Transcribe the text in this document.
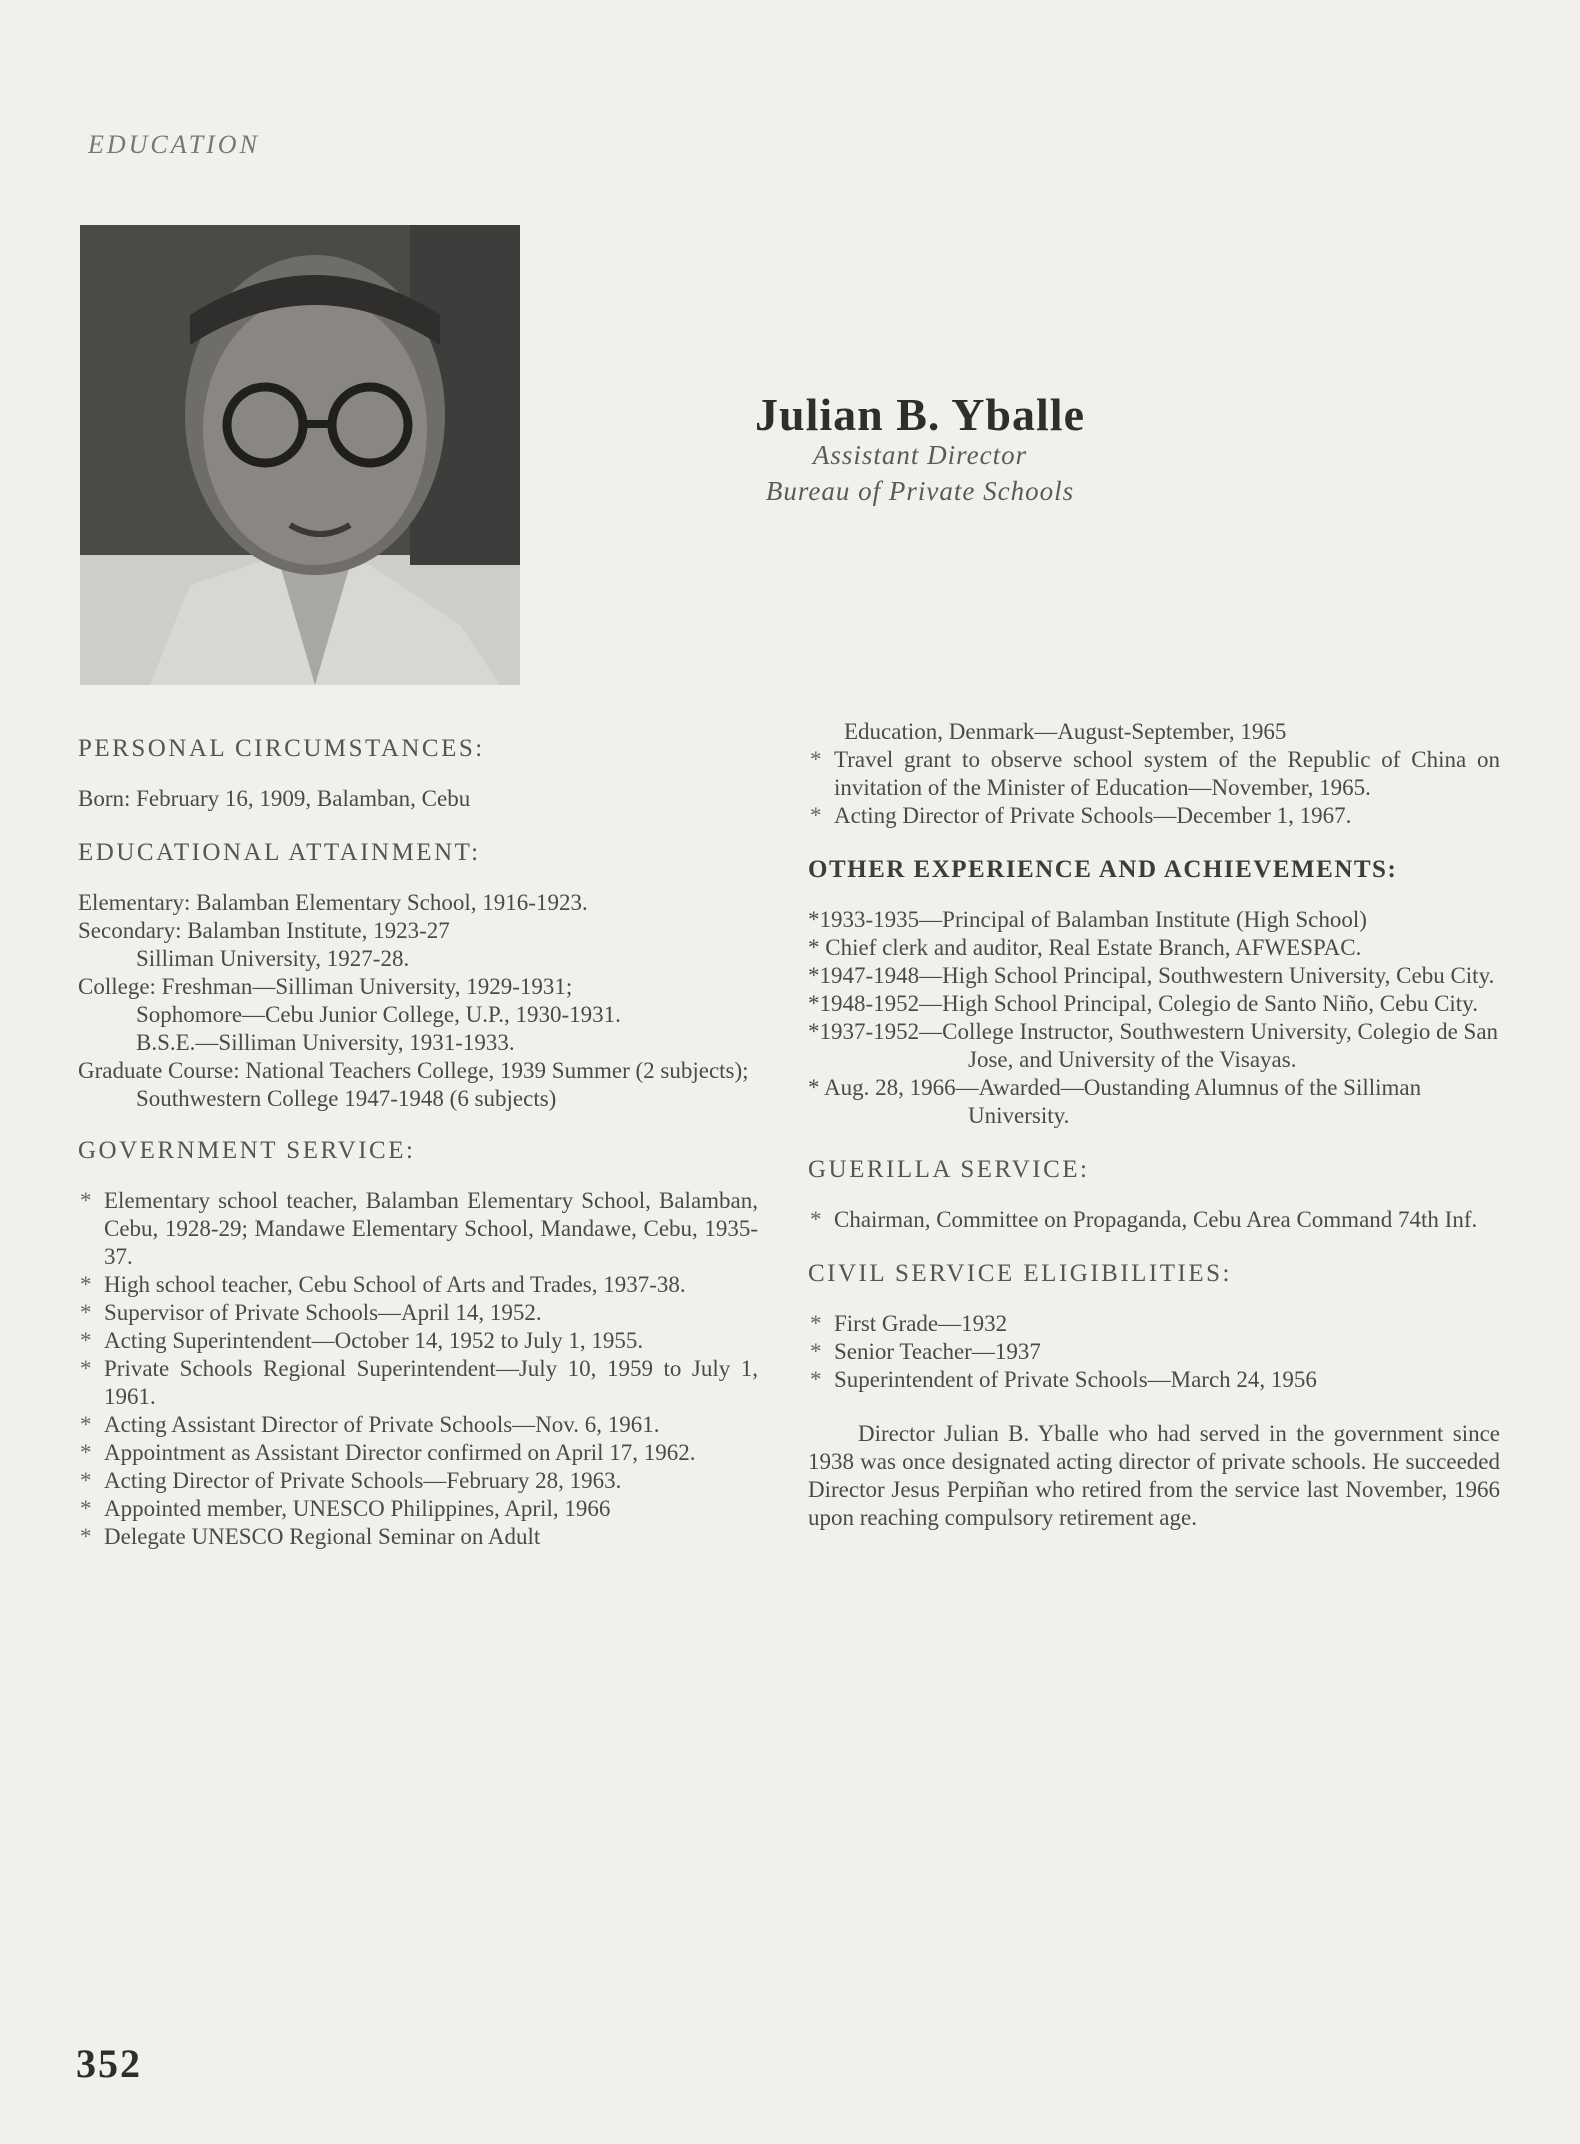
EDUCATION
Julian B. Yballe
Assistant Director
Bureau of Private Schools
PERSONAL CIRCUMSTANCES:

Born: February 16, 1909, Balamban, Cebu

EDUCATIONAL ATTAINMENT:

Elementary: Balamban Elementary School, 1916-1923.

Secondary: Balamban Institute, 1923-27

Silliman University, 1927-28.

College: Freshman—Silliman University, 1929-1931;

Sophomore—Cebu Junior College, U.P., 1930-1931.

B.S.E.—Silliman University, 1931-1933.

Graduate Course: National Teachers College, 1939 Summer (2 subjects); Southwestern College 1947-1948 (6 subjects)

GOVERNMENT SERVICE:
* Elementary school teacher, Balamban Elementary School, Balamban, Cebu, 1928-29; Mandawe Elementary School, Mandawe, Cebu, 1935-37.
* High school teacher, Cebu School of Arts and Trades, 1937-38.
* Supervisor of Private Schools—April 14, 1952.
* Acting Superintendent—October 14, 1952 to July 1, 1955.
* Private Schools Regional Superintendent—July 10, 1959 to July 1, 1961.
* Acting Assistant Director of Private Schools—Nov. 6, 1961.
* Appointment as Assistant Director confirmed on April 17, 1962.
* Acting Director of Private Schools—February 28, 1963.
* Appointed member, UNESCO Philippines, April, 1966
* Delegate UNESCO Regional Seminar on Adult

Education, Denmark—August-September, 1965

* Travel grant to observe school system of the Republic of China on invitation of the Minister of Education—November, 1965.
* Acting Director of Private Schools—December 1, 1967.
OTHER EXPERIENCE AND ACHIEVEMENTS:
*1933-1935—Principal of Balamban Institute (High School)
* Chief clerk and auditor, Real Estate Branch, AFWESPAC.
*1947-1948—High School Principal, Southwestern University, Cebu City.
*1948-1952—High School Principal, Colegio de Santo Niño, Cebu City.
*1937-1952—College Instructor, Southwestern University, Colegio de San Jose, and University of the Visayas.
* Aug. 28, 1966—Awarded—Oustanding Alumnus of the Silliman University.
GUERILLA SERVICE:
* Chairman, Committee on Propaganda, Cebu Area Command 74th Inf.
CIVIL SERVICE ELIGIBILITIES:
* First Grade—1932
* Senior Teacher—1937
* Superintendent of Private Schools—March 24, 1956

Director Julian B. Yballe who had served in the government since 1938 was once designated acting director of private schools. He succeeded Director Jesus Perpiñan who retired from the service last November, 1966 upon reaching compulsory retirement age.

352
